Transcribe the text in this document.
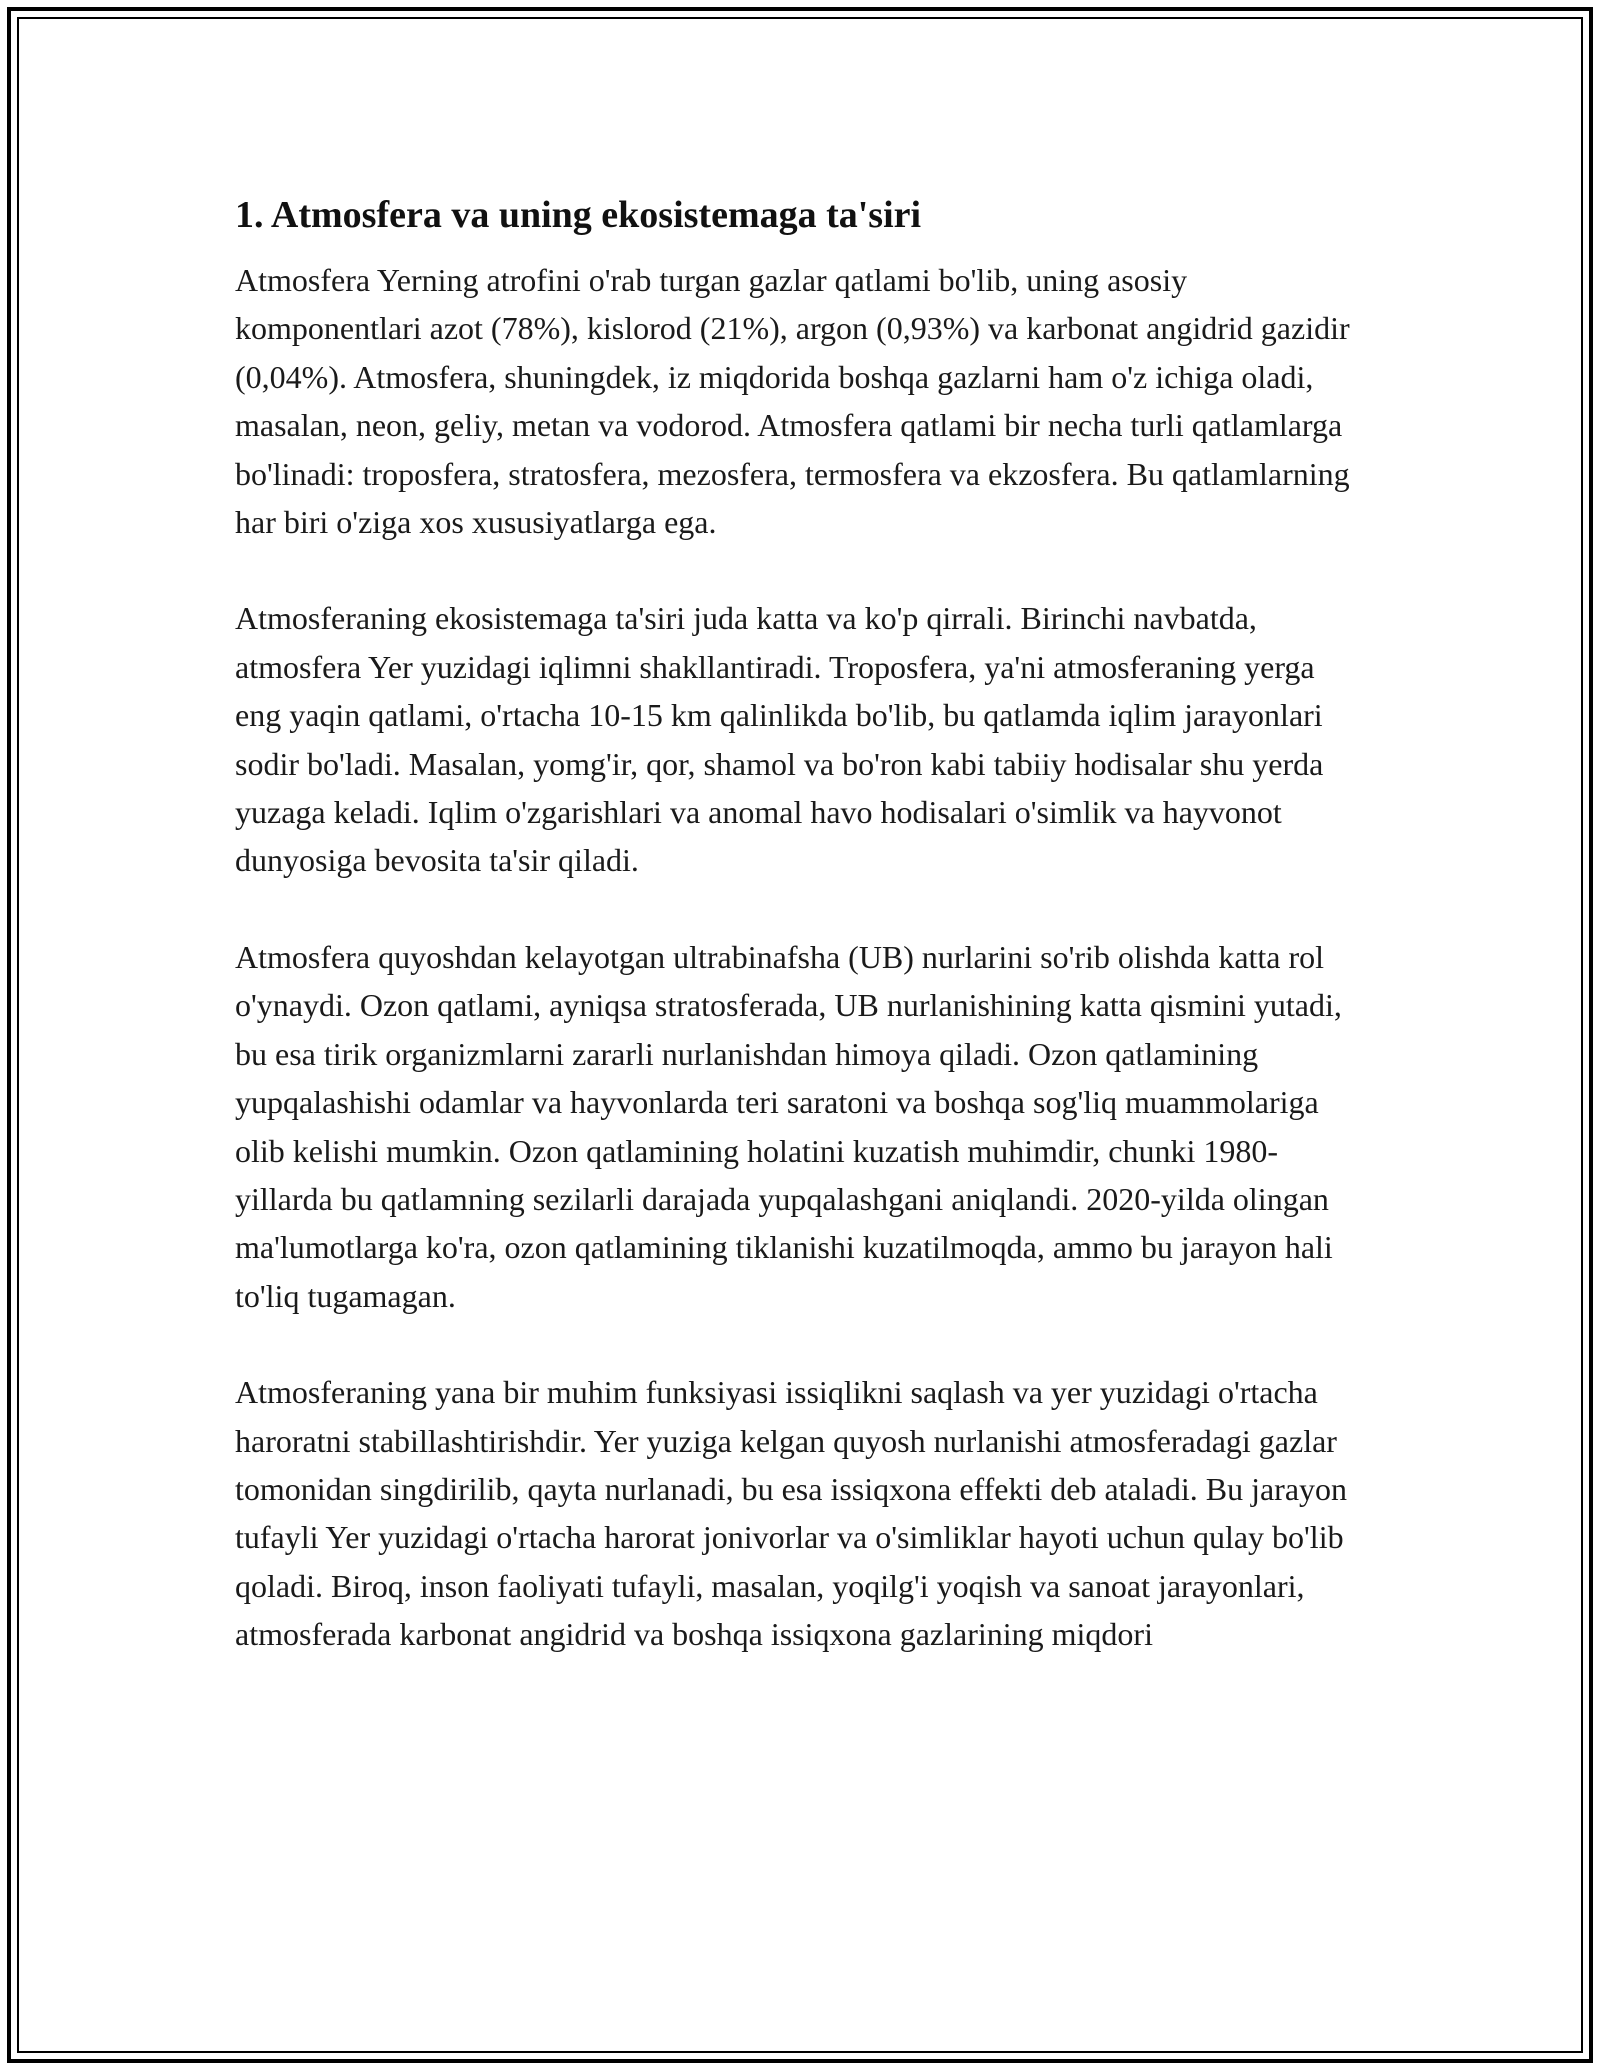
1. Atmosfera va uning ekosistemaga ta'siri

Atmosfera Yerning atrofini o'rab turgan gazlar qatlami bo'lib, uning asosiy komponentlari azot (78%), kislorod (21%), argon (0,93%) va karbonat angidrid gazidir (0,04%). Atmosfera, shuningdek, iz miqdorida boshqa gazlarni ham o'z ichiga oladi, masalan, neon, geliy, metan va vodorod. Atmosfera qatlami bir necha turli qatlamlarga bo'linadi: troposfera, stratosfera, mezosfera, termosfera va ekzosfera. Bu qatlamlarning har biri o'ziga xos xususiyatlarga ega.

Atmosferaning ekosistemaga ta'siri juda katta va ko'p qirrali. Birinchi navbatda, atmosfera Yer yuzidagi iqlimni shakllantiradi. Troposfera, ya'ni atmosferaning yerga eng yaqin qatlami, o'rtacha 10-15 km qalinlikda bo'lib, bu qatlamda iqlim jarayonlari sodir bo'ladi. Masalan, yomg'ir, qor, shamol va bo'ron kabi tabiiy hodisalar shu yerda yuzaga keladi. Iqlim o'zgarishlari va anomal havo hodisalari o'simlik va hayvonot dunyosiga bevosita ta'sir qiladi.

Atmosfera quyoshdan kelayotgan ultrabinafsha (UB) nurlarini so'rib olishda katta rol o'ynaydi. Ozon qatlami, ayniqsa stratosferada, UB nurlanishining katta qismini yutadi, bu esa tirik organizmlarni zararli nurlanishdan himoya qiladi. Ozon qatlamining yupqalashishi odamlar va hayvonlarda teri saratoni va boshqa sog'liq muammolariga olib kelishi mumkin. Ozon qatlamining holatini kuzatish muhimdir, chunki 1980-yillarda bu qatlamning sezilarli darajada yupqalashgani aniqlandi. 2020-yilda olingan ma'lumotlarga ko'ra, ozon qatlamining tiklanishi kuzatilmoqda, ammo bu jarayon hali to'liq tugamagan.

Atmosferaning yana bir muhim funksiyasi issiqlikni saqlash va yer yuzidagi o'rtacha haroratni stabillashtirishdir. Yer yuziga kelgan quyosh nurlanishi atmosferadagi gazlar tomonidan singdirilib, qayta nurlanadi, bu esa issiqxona effekti deb ataladi. Bu jarayon tufayli Yer yuzidagi o'rtacha harorat jonivorlar va o'simliklar hayoti uchun qulay bo'lib qoladi. Biroq, inson faoliyati tufayli, masalan, yoqilg'i yoqish va sanoat jarayonlari, atmosferada karbonat angidrid va boshqa issiqxona gazlarining miqdori
